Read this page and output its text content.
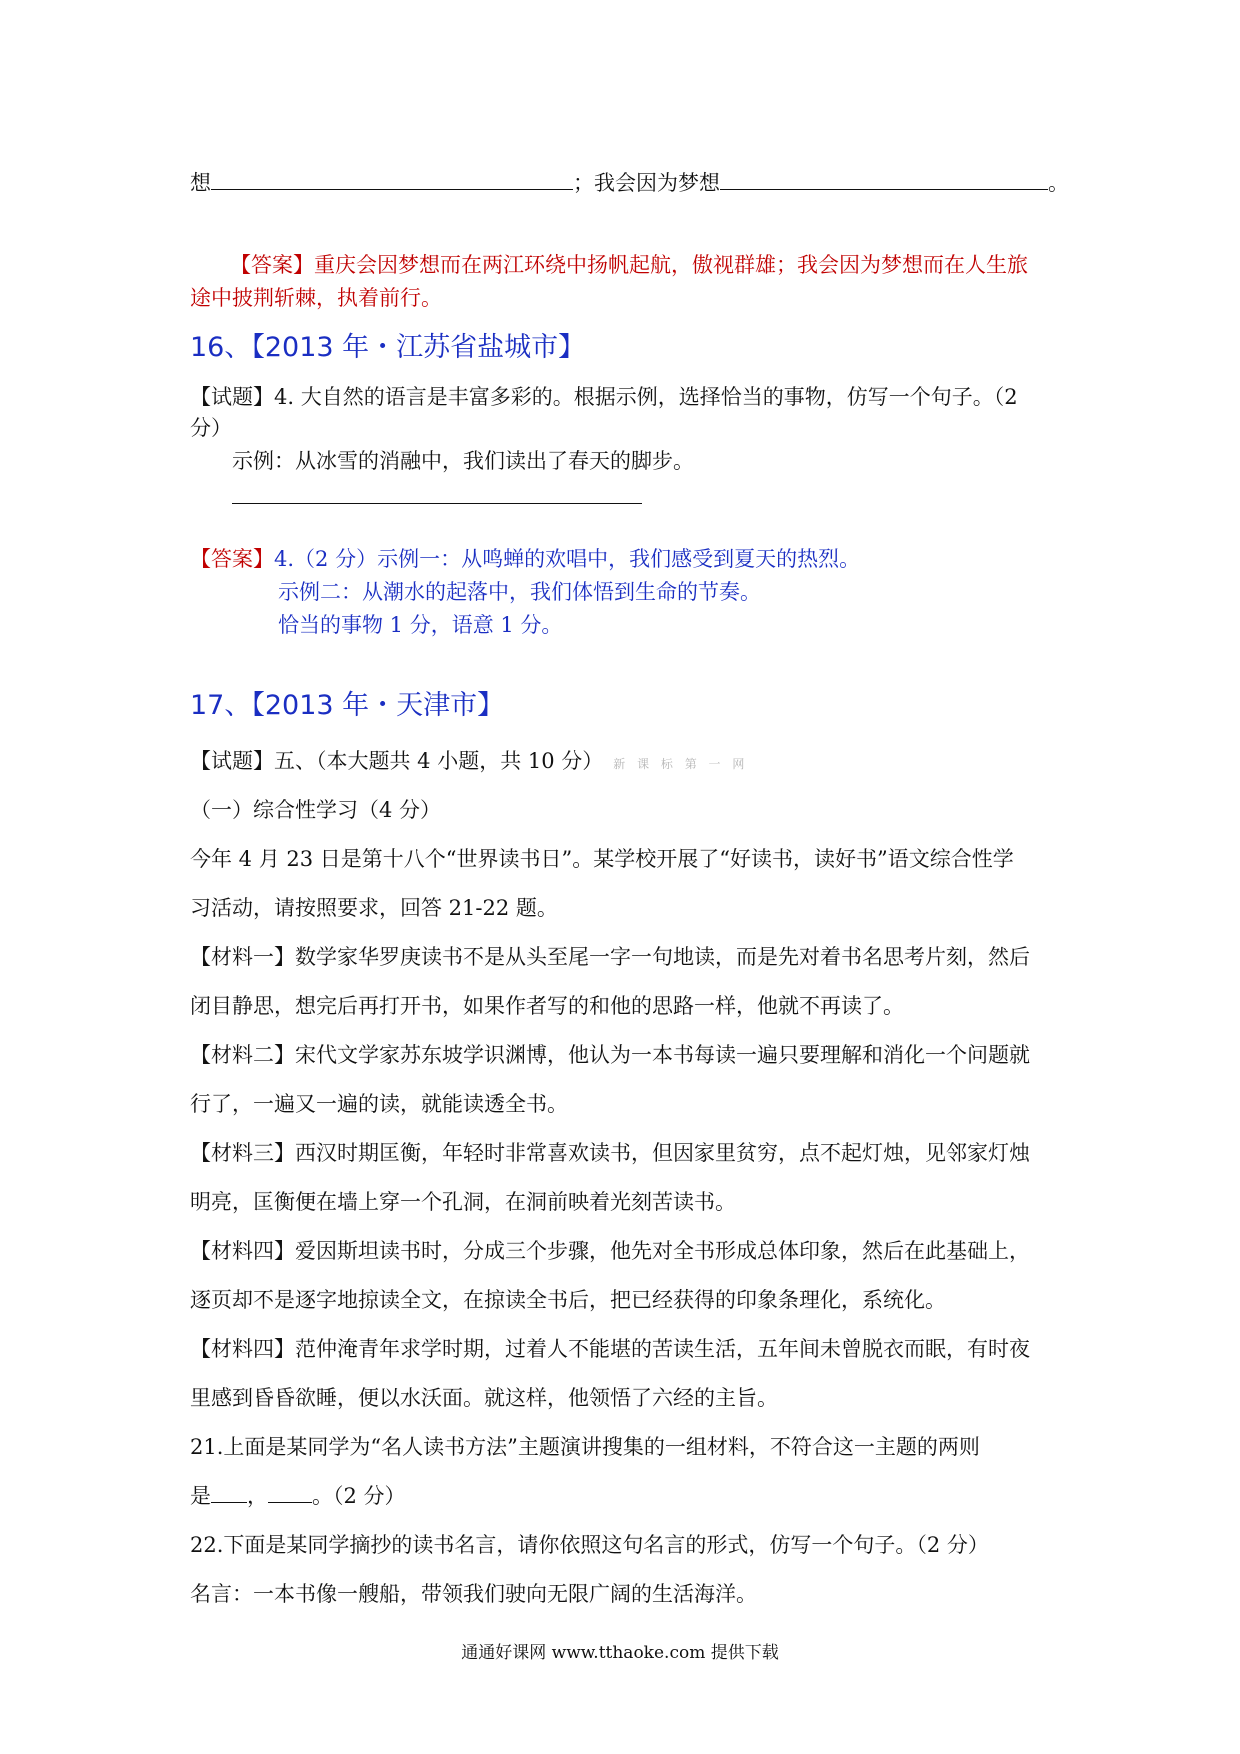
想	；我会因为梦想	。
【答案】重庆会因梦想而在两江环绕中扬帆起航，傲视群雄；我会因为梦想而在人生旅
途中披荆斩棘，执着前行。
16、【2013 年・江苏省盐城市】
【试题】4. 大自然的语言是丰富多彩的。根据示例，选择恰当的事物，仿写一个句子。（2
分）
示例：从冰雪的消融中，我们读出了春天的脚步。
【答案】4.（2 分）示例一：从鸣蝉的欢唱中，我们感受到夏天的热烈。
示例二：从潮水的起落中，我们体悟到生命的节奏。
恰当的事物 1 分，语意 1 分。
17、【2013 年・天津市】
【试题】五、（本大题共 4 小题，共 10 分） 新 课 标 第 一 网
（一）综合性学习（4 分）
今年 4 月 23 日是第十八个“世界读书日”。某学校开展了“好读书，读好书”语文综合性学
习活动，请按照要求，回答 21-22 题。
【材料一】数学家华罗庚读书不是从头至尾一字一句地读，而是先对着书名思考片刻，然后
闭目静思，想完后再打开书，如果作者写的和他的思路一样，他就不再读了。
【材料二】宋代文学家苏东坡学识渊博，他认为一本书每读一遍只要理解和消化一个问题就
行了，一遍又一遍的读，就能读透全书。
【材料三】西汉时期匡衡，年轻时非常喜欢读书，但因家里贫穷，点不起灯烛，见邻家灯烛
明亮，匡衡便在墙上穿一个孔洞，在洞前映着光刻苦读书。
【材料四】爱因斯坦读书时，分成三个步骤，他先对全书形成总体印象，然后在此基础上，
逐页却不是逐字地掠读全文，在掠读全书后，把已经获得的印象条理化，系统化。
【材料四】范仲淹青年求学时期，过着人不能堪的苦读生活，五年间未曾脱衣而眠，有时夜
里感到昏昏欲睡，便以水沃面。就这样，他领悟了六经的主旨。
21.上面是某同学为“名人读书方法”主题演讲搜集的一组材料，不符合这一主题的两则
是 ， 。（2 分）
22.下面是某同学摘抄的读书名言，请你依照这句名言的形式，仿写一个句子。（2 分）
名言：一本书像一艘船，带领我们驶向无限广阔的生活海洋。
通通好课网 www.tthaoke.com 提供下载
